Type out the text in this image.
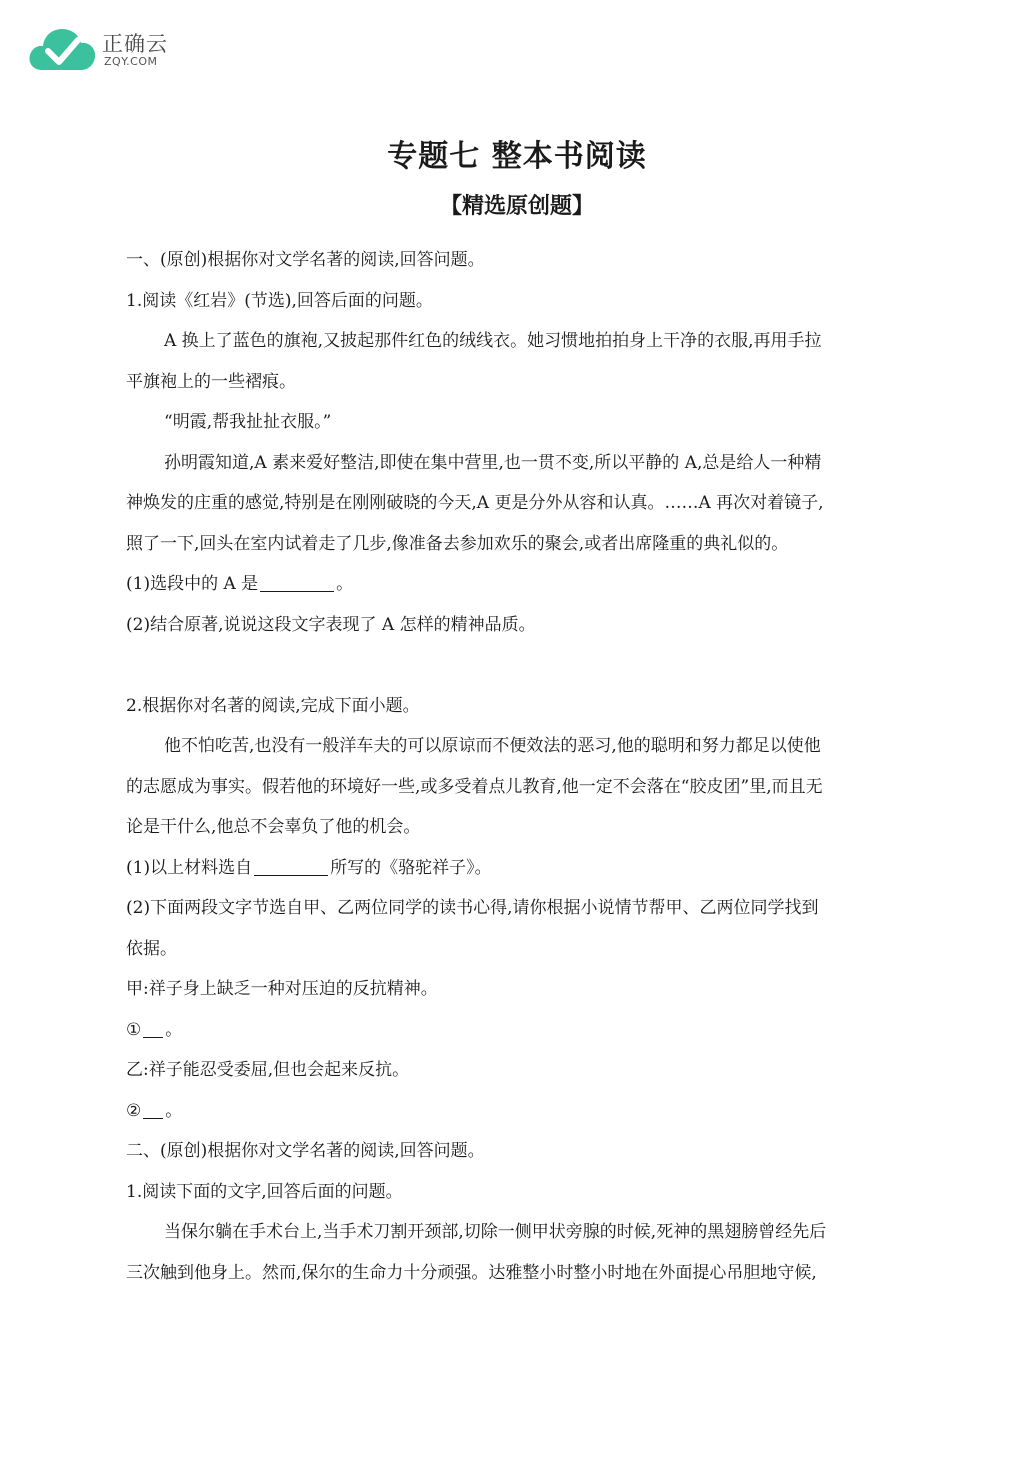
正确云
ZQY.COM
专题七 整本书阅读
【精选原创题】

一、(原创)根据你对文学名著的阅读,回答问题。

1.阅读《红岩》(节选),回答后面的问题。

A 换上了蓝色的旗袍,又披起那件红色的绒线衣。她习惯地拍拍身上干净的衣服,再用手拉

平旗袍上的一些褶痕。

“明霞,帮我扯扯衣服。”

孙明霞知道,A 素来爱好整洁,即使在集中营里,也一贯不变,所以平静的 A,总是给人一种精

神焕发的庄重的感觉,特别是在刚刚破晓的今天,A 更是分外从容和认真。……A 再次对着镜子,

照了一下,回头在室内试着走了几步,像准备去参加欢乐的聚会,或者出席隆重的典礼似的。

(1)选段中的 A 是	。

(2)结合原著,说说这段文字表现了 A 怎样的精神品质。

2.根据你对名著的阅读,完成下面小题。

他不怕吃苦,也没有一般洋车夫的可以原谅而不便效法的恶习,他的聪明和努力都足以使他

的志愿成为事实。假若他的环境好一些,或多受着点儿教育,他一定不会落在“胶皮团”里,而且无

论是干什么,他总不会辜负了他的机会。

(1)以上材料选自	所写的《骆驼祥子》。

(2)下面两段文字节选自甲、乙两位同学的读书心得,请你根据小说情节帮甲、乙两位同学找到

依据。

甲:祥子身上缺乏一种对压迫的反抗精神。

① 。

乙:祥子能忍受委屈,但也会起来反抗。

② 。

二、(原创)根据你对文学名著的阅读,回答问题。

1.阅读下面的文字,回答后面的问题。

当保尔躺在手术台上,当手术刀割开颈部,切除一侧甲状旁腺的时候,死神的黑翅膀曾经先后

三次触到他身上。然而,保尔的生命力十分顽强。达雅整小时整小时地在外面提心吊胆地守候,
